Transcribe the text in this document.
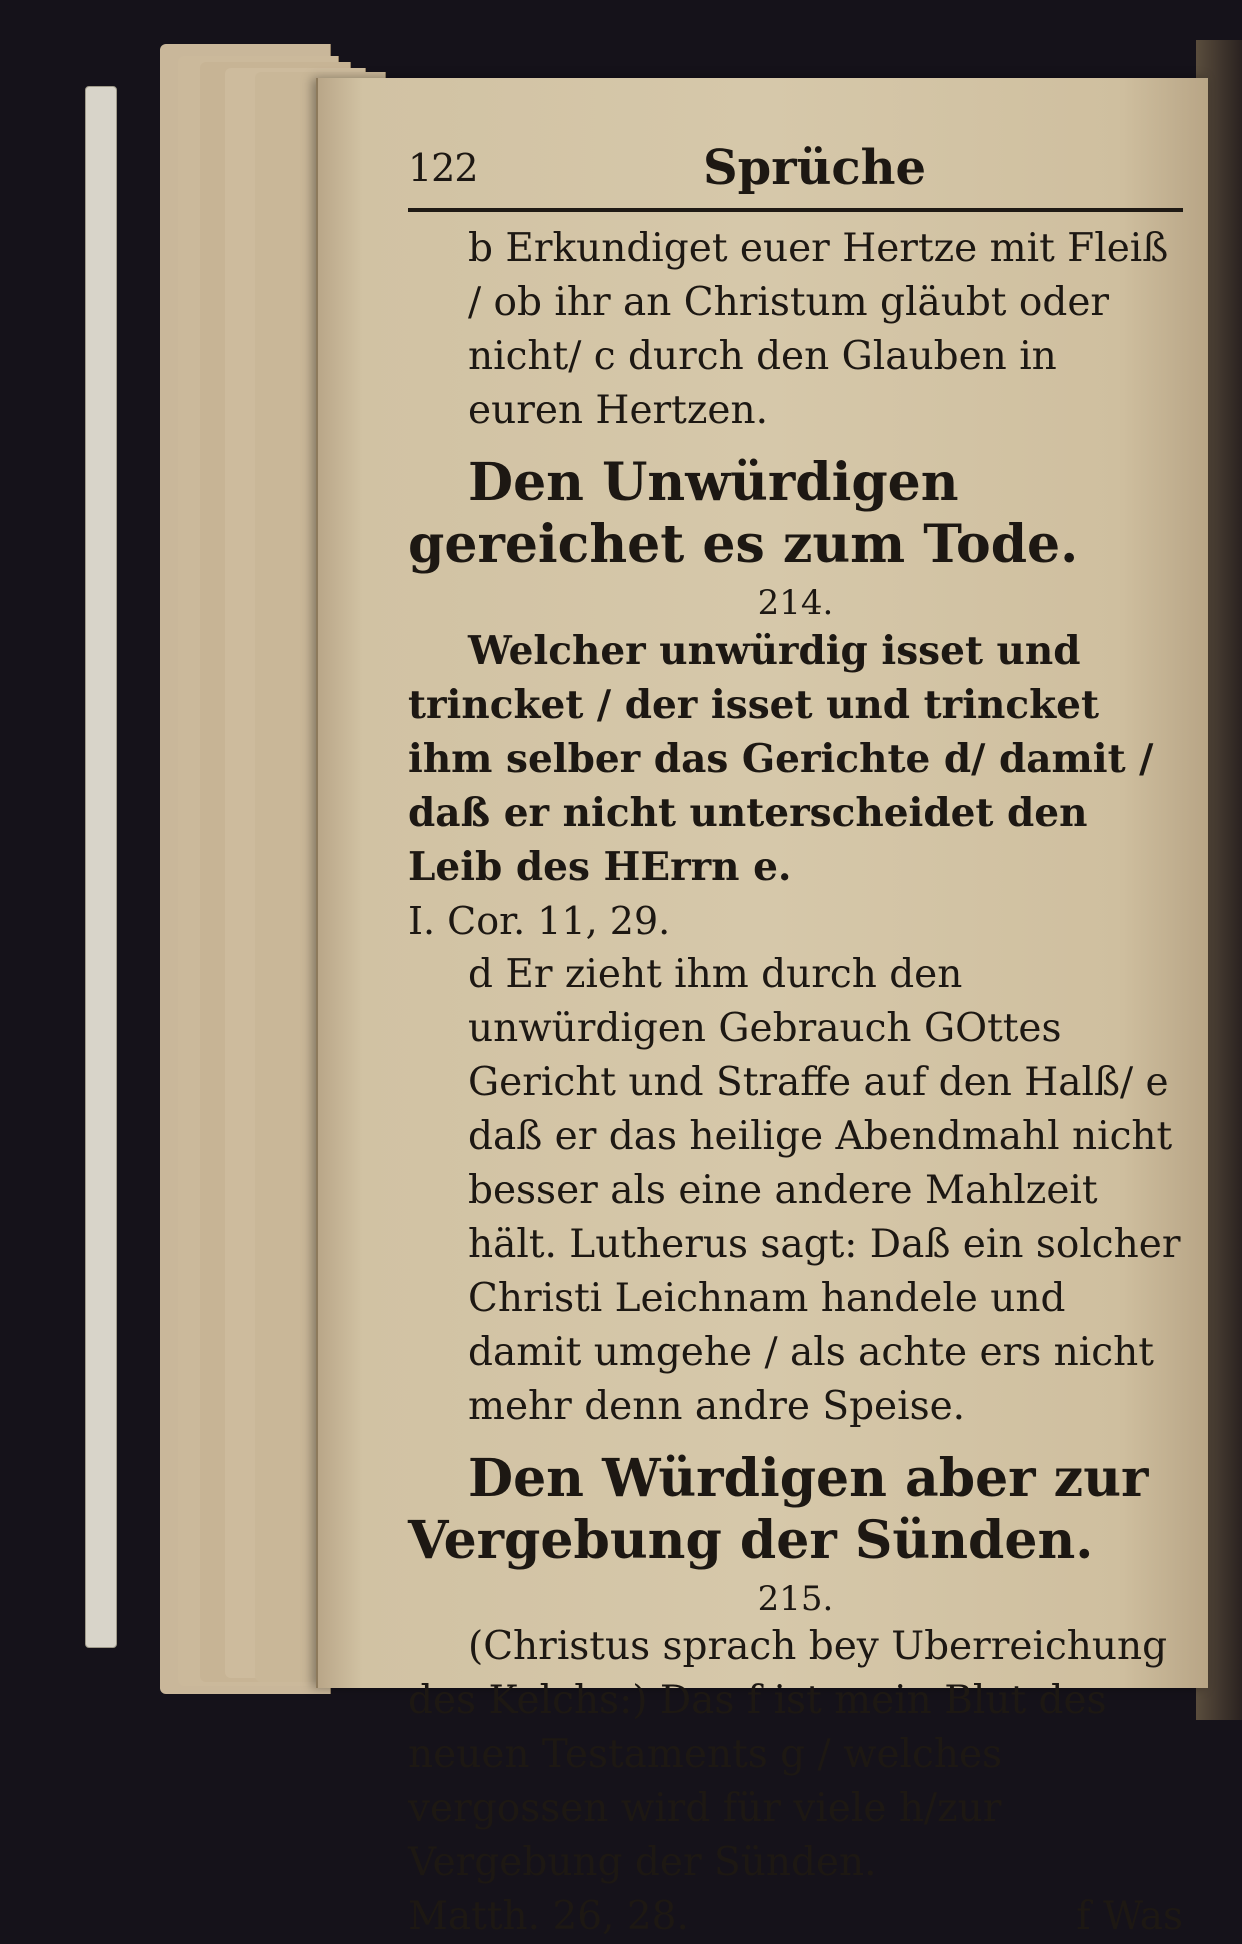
122	Sprüche

b Erkundiget euer Hertze mit Fleiß / ob ihr an Christum gläubt oder nicht/ c durch den Glauben in euren Hertzen.

Den Unwürdigen gereichet es zum Tode.

214.

Welcher unwürdig isset und trincket / der isset und trincket ihm selber das Gerichte d/ damit / daß er nicht unterscheidet den Leib des HErrn e.

I. Cor. 11, 29.

d Er zieht ihm durch den unwürdigen Gebrauch GOttes Gericht und Straffe auf den Halß/ e daß er das heilige Abendmahl nicht besser als eine andere Mahlzeit hält. Lutherus sagt: Daß ein solcher Christi Leichnam handele und damit umgehe / als achte ers nicht mehr denn andre Speise.

Den Würdigen aber zur Vergebung der Sünden.

215.

(Christus sprach bey Uberreichung des Kelchs:) Das f ist mein Blut des neuen Testaments g / welches vergossen wird für viele h/zur Vergebung der Sünden.

Matth. 26, 28.	f Was
